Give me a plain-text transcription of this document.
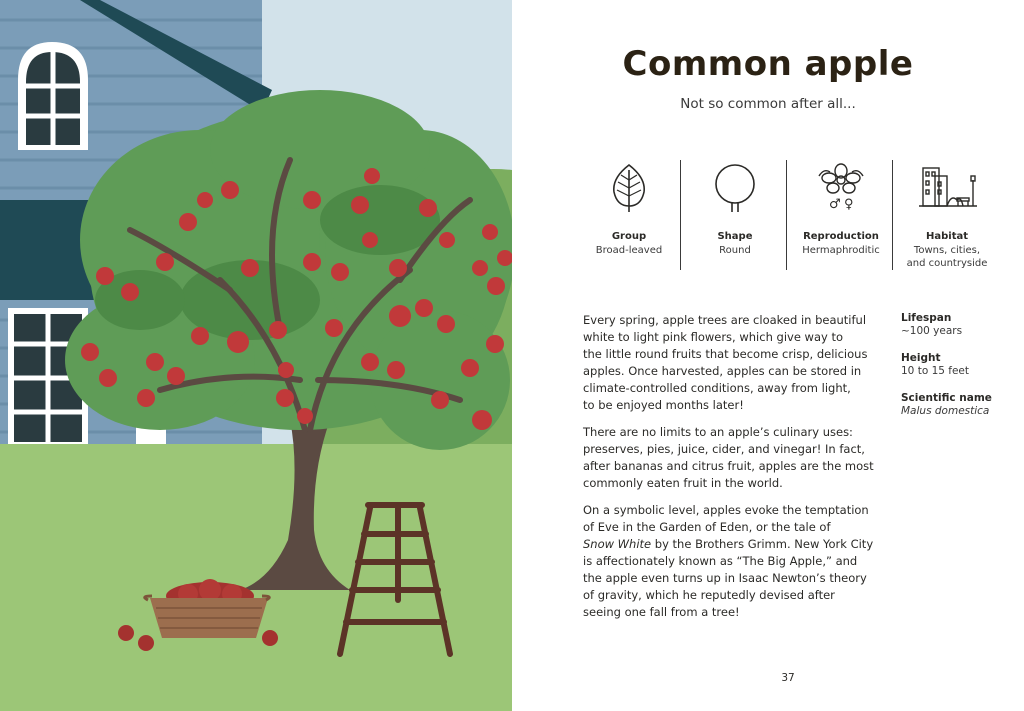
Common apple
Not so common after all...
Group
Broad-leaved
Shape
Round
♂ ♀
Reproduction
Hermaphroditic
Habitat
Towns, cities,
and countryside

Every spring, apple trees are cloaked in beautiful
white to light pink flowers, which give way to
the little round fruits that become crisp, delicious
apples. Once harvested, apples can be stored in
climate-controlled conditions, away from light,
to be enjoyed months later!

There are no limits to an apple’s culinary uses:
preserves, pies, juice, cider, and vinegar! In fact,
after bananas and citrus fruit, apples are the most
commonly eaten fruit in the world.

On a symbolic level, apples evoke the temptation
of Eve in the Garden of Eden, or the tale of
Snow White by the Brothers Grimm. New York City
is affectionately known as “The Big Apple,” and
the apple even turns up in Isaac Newton’s theory
of gravity, which he reputedly devised after
seeing one fall from a tree!

Lifespan
~100 years
Height
10 to 15 feet
Scientific name
Malus domestica
37
